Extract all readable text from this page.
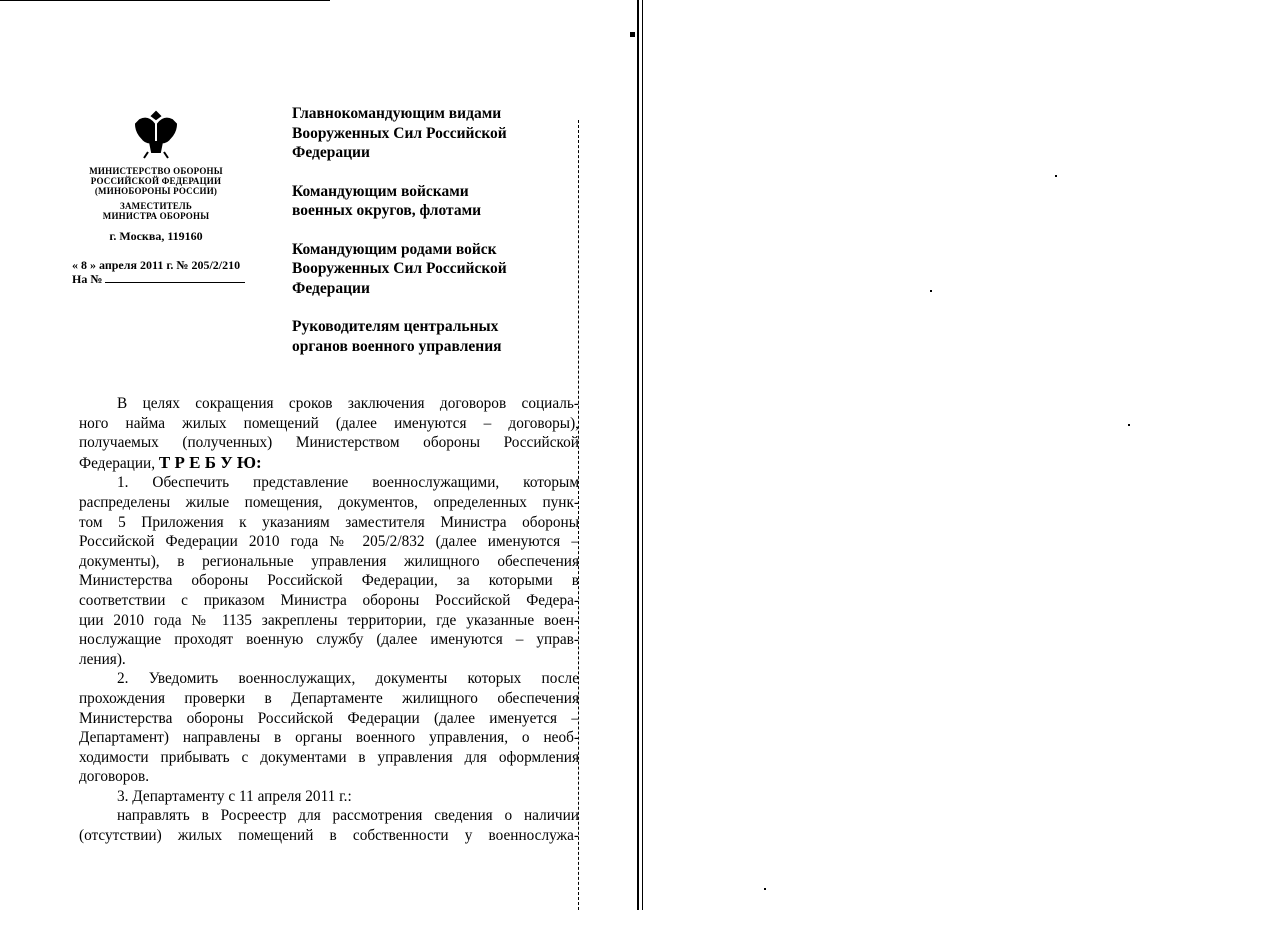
МИНИСТЕРСТВО ОБОРОНЫ
РОССИЙСКОЙ ФЕДЕРАЦИИ
(МИНОБОРОНЫ РОССИИ)
ЗАМЕСТИТЕЛЬ
МИНИСТРА ОБОРОНЫ
г. Москва, 119160
« 8 » апреля 2011 г. № 205/2/210
На №
Главнокомандующим видами
Вооруженных Сил Российской
Федерации
Командующим войсками
военных округов, флотами
Командующим родами войск
Вооруженных Сил Российской
Федерации
Руководителям центральных
органов военного управления
В целях сокращения сроков заключения договоров социаль-
ного найма жилых помещений (далее именуются – договоры),
получаемых (полученных) Министерством обороны Российской
Федерации, Т Р Е Б У Ю:
1. Обеспечить представление военнослужащими, которым
распределены жилые помещения, документов, определенных пунк-
том 5 Приложения к указаниям заместителя Министра обороны
Российской Федерации 2010 года № 205/2/832 (далее именуются –
документы), в региональные управления жилищного обеспечения
Министерства обороны Российской Федерации, за которыми в
соответствии с приказом Министра обороны Российской Федера-
ции 2010 года № 1135 закреплены территории, где указанные воен-
нослужащие проходят военную службу (далее именуются – управ-
ления).
2. Уведомить военнослужащих, документы которых после
прохождения проверки в Департаменте жилищного обеспечения
Министерства обороны Российской Федерации (далее именуется –
Департамент) направлены в органы военного управления, о необ-
ходимости прибывать с документами в управления для оформления
договоров.
3. Департаменту с 11 апреля 2011 г.:
направлять в Росреестр для рассмотрения сведения о наличии
(отсутствии) жилых помещений в собственности у военнослужа-
